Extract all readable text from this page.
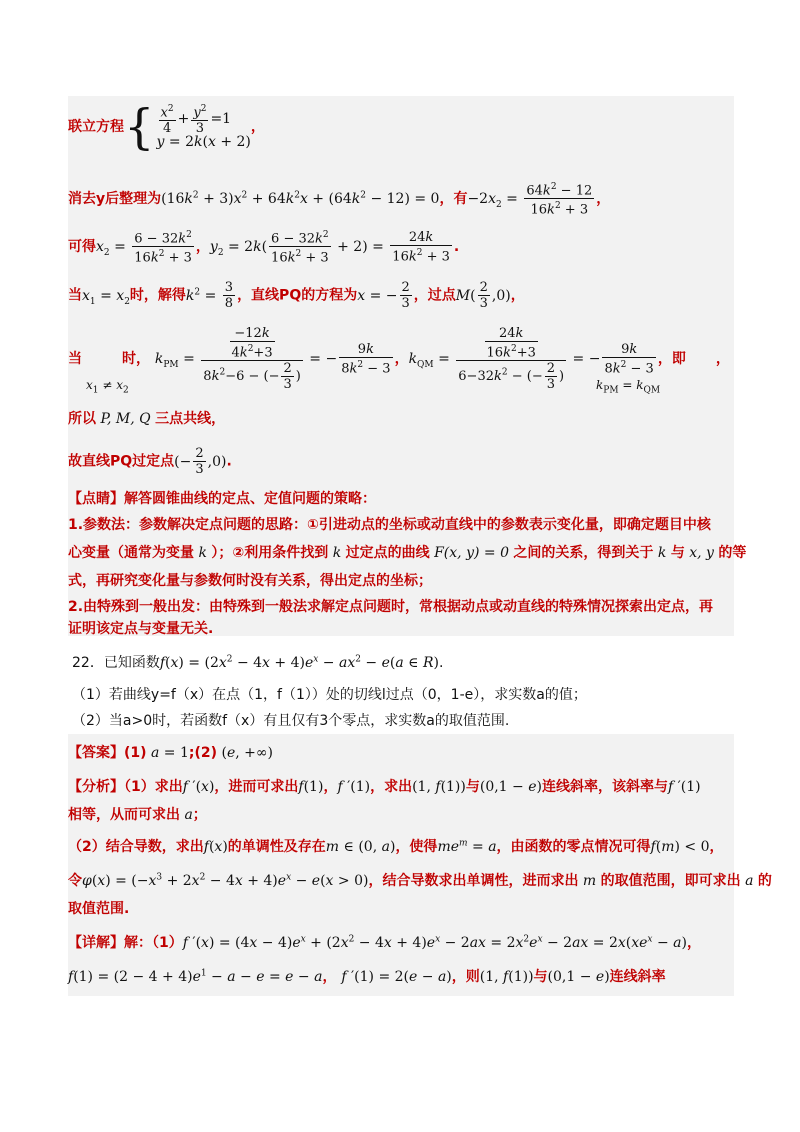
联立方程{ $\frac{x^2}{4} + \frac{y^2}{3} =1$
y = 2k(x + 2)
，
消去y后整理为$(16k^2 + 3)x^2 + 64k^2x + (64k^2 - 12) = 0$，有$-2x_2 = \frac{64k^2 - 12}{16k^2 + 3}$ ，
可得$x_2 = \frac{6 - 32k^2}{16k^2 + 3}$ ，$y_2 = 2k( \frac{6 - 32k^2}{16k^2 + 3} + 2) = \frac{24k}{16k^2 + 3}$ .
当$x_1 = x_2$时，解得$k^2 = \frac{3}{8}$ ，直线PQ的方程为x = − $\frac{2}{3}$ ，过点$M( \frac{2}{3} ,0)$，
当	时， $k_{PM} = \frac{\frac{-12k}{4k^2+3}}{8k^2-6 - (- \frac{2}{3} )}$ = − $\frac{9k}{8k^2 - 3}$ ，$k_{QM} = \frac{\frac{24k}{16k^2+3}}{6-32k^2 - (- \frac{2}{3} )}$ = − $\frac{9k}{8k^2 - 3}$ ，即 ，
$x_1 \ne x_2$	$k_{PM} = k_{QM}$
所以 P, M, Q 三点共线，
故直线PQ过定点(− $\frac{2}{3} ,0$).
【点睛】解答圆锥曲线的定点、定值问题的策略：
1.参数法：参数解决定点问题的思路：①引进动点的坐标或动直线中的参数表示变化量，即确定题目中核
心变量（通常为变量 k ）；②利用条件找到 k 过定点的曲线 F(x, y) = 0 之间的关系，得到关于 k 与 x, y 的等
式，再研究变化量与参数何时没有关系，得出定点的坐标；
2.由特殊到一般出发：由特殊到一般法求解定点问题时，常根据动点或动直线的特殊情况探索出定点，再
证明该定点与变量无关.
22．已知函数$f(x) = (2x^2 - 4x + 4)e^x - ax^2 - e(a$ ∈ R).
（1）若曲线y=f（x）在点（1，f（1））处的切线l过点（0，1-e），求实数a的值；
（2）当a>0时，若函数f（x）有且仅有3个零点，求实数a的取值范围.
【答案】(1) a = 1;(2) (e, +∞)
【分析】（1）求出f ′(x)，进而可求出f(1)，f ′(1)，求出(1, f(1))与(0,1 − e)连线斜率，该斜率与f ′(1)
相等，从而可求出 a；
（2）结合导数，求出f(x)的单调性及存在m ∈ (0, a)，使得$me^m = a$，由函数的零点情况可得f(m) < 0，
令$\varphi(x) = (-x^3 + 2x^2 - 4x + 4)e^x - e(x > 0)$，结合导数求出单调性，进而求出 m 的取值范围，即可求出 a 的
取值范围.
【详解】解：（1）f $'(x) = (4x - 4)e^x + (2x^2 - 4x + 4)e^x - 2ax = 2x^2e^x - 2ax = 2x(xe^x - a)$，
$f(1) = (2 - 4 + 4)e^1 - a - e = e - a$， f ′(1) = 2(e − a)，则(1, f(1))与(0,1 − e)连线斜率
